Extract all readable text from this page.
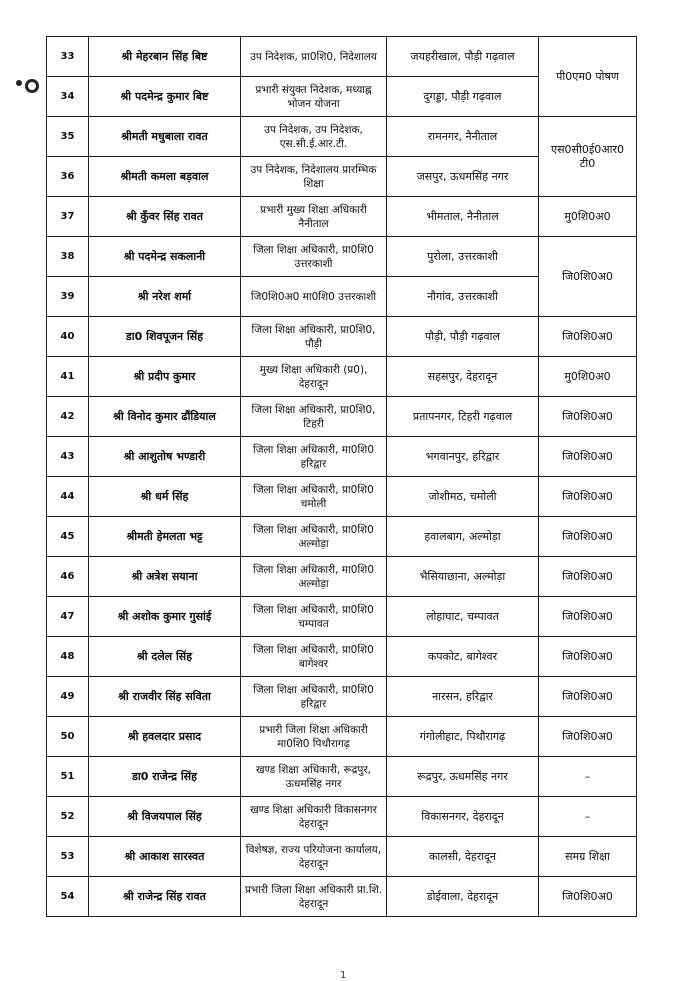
33	श्री मेहरबान सिंह बिष्ट	उप निदेशक, प्रा0शि0, निदेशालय	जयहरीखाल, पौड़ी गढ़वाल	पी0एम0 पोषण
34	श्री पदमेन्द्र कुमार बिष्ट	प्रभारी संयुक्त निदेशक, मध्याह्न भोजन योजना	दुगड्डा, पौड़ी गढ़वाल	
35	श्रीमती मधुबाला रावत	उप निदेशक, उप निदेशक, एस.सी.ई.आर.टी.	रामनगर, नैनीताल	एस0सी0ई0आर0 टी0
36	श्रीमती कमला बड़वाल	उप निदेशक, निदेशालय प्रारम्भिक शिक्षा	जसपुर, ऊधमसिंह नगर	
37	श्री कुँवर सिंह रावत	प्रभारी मुख्य शिक्षा अधिकारी नैनीताल	भीमताल, नैनीताल	मु0शि0अ0
38	श्री पदमेन्द्र सकलानी	जिला शिक्षा अधिकारी, प्रा0शि0 उत्तरकाशी	पुरोला, उत्तरकाशी	जि0शि0अ0
39	श्री नरेश शर्मा	जि0शि0अ0 मा0शि0 उत्तरकाशी	नौगांव, उत्तरकाशी	
40	डा0 शिवपूजन सिंह	जिला शिक्षा अधिकारी, प्रा0शि0, पौड़ी	पौड़ी, पौड़ी गढ़वाल	जि0शि0अ0
41	श्री प्रदीप कुमार	मुख्य शिक्षा अधिकारी (प्र0), देहरादून	सहसपुर, देहरादून	मु0शि0अ0
42	श्री विनोद कुमार ढौंडियाल	जिला शिक्षा अधिकारी, प्रा0शि0, टिहरी	प्रतापनगर, टिहरी गढ़वाल	जि0शि0अ0
43	श्री आशुतोष भण्डारी	जिला शिक्षा अधिकारी, मा0शि0 हरिद्वार	भगवानपुर, हरिद्वार	जि0शि0अ0
44	श्री धर्म सिंह	जिला शिक्षा अधिकारी, प्रा0शि0 चमोली	जोशीमठ, चमोली	जि0शि0अ0
45	श्रीमती हेमलता भट्ट	जिला शिक्षा अधिकारी, प्रा0शि0 अल्मोड़ा	हवालबाग, अल्मोड़ा	जि0शि0अ0
46	श्री अत्रेश सयाना	जिला शिक्षा अधिकारी, मा0शि0 अल्मोड़ा	भैसियाछाना, अल्मोड़ा	जि0शि0अ0
47	श्री अशोक कुमार गुसांई	जिला शिक्षा अधिकारी, प्रा0शि0 चम्पावत	लोहाघाट, चम्पावत	जि0शि0अ0
48	श्री दलेल सिंह	जिला शिक्षा अधिकारी, प्रा0शि0 बागेश्वर	कपकोट, बागेश्वर	जि0शि0अ0
49	श्री राजवीर सिंह सविता	जिला शिक्षा अधिकारी, प्रा0शि0 हरिद्वार	नारसन, हरिद्वार	जि0शि0अ0
50	श्री हवलदार प्रसाद	प्रभारी जिला शिक्षा अधिकारी मा0शि0 पिथौरागढ़	गंगोलीहाट, पिथौरागढ़	जि0शि0अ0
51	डा0 राजेन्द्र सिंह	खण्ड शिक्षा अधिकारी, रूद्रपुर, ऊधमसिंह नगर	रूद्रपुर, ऊधमसिंह नगर	–
52	श्री विजयपाल सिंह	खण्ड शिक्षा अधिकारी विकासनगर देहरादून	विकासनगर, देहरादून	–
53	श्री आकाश सारस्वत	विशेषज्ञ, राज्य परियोजना कार्यालय, देहरादून	कालसी, देहरादून	समग्र शिक्षा
54	श्री राजेन्द्र सिंह रावत	प्रभारी जिला शिक्षा अधिकारी प्रा.शि. देहरादून	डोईवाला, देहरादून	जि0शि0अ0
1
